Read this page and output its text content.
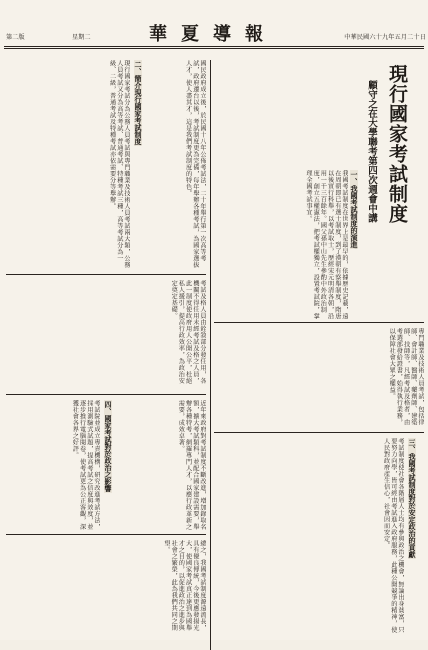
第二版	星期二	華夏導報	中華民國六十九年五月二十日
現行國家考試制度
顧守之在大學聯考第四次週會中講
一、我國考試制度的演進
我國考試制度在世界上是最早的，依據歷史記載，遠在周朝即已有選士制度，到了漢朝有察舉制度，隋唐以後實行科舉，以考試取士，歷經宋元明清各朝，沿用一千三百餘年。國父孫中山先生參酌中外政治制度，創立五權憲法，把考試權獨立，設置考試院，掌理全國考試事宜。
國民政府成立後，於民國十八年公佈考試法，二十年舉行第一次高等考試，政府遷台以後，考試制度更為完備，每年舉辦各種考試，為國家選拔人才，使人盡其才，這是我們考試制度的特色。
二、簡介現行國家考試制度
現行國家考試分為公務人員考試與專門職業及技術人員考試兩大類，公務人員考試又分為高等考試、普通考試、特種考試三種，高等考試分為一級、二級，普通考試及特種考試亦依需要分等舉辦。
專門職業及技術人員考試，包括律師、會計師、醫師、藥劑師、建築師、技師等，凡經考試及格者，由考選部發給證書，始得執行業務，以保障社會大眾之權益。
考試及格人員由銓敘部分發任用，各機關不得任用未經考試及格之人員，此一制度使政府用人公開公平，杜絕私人援引，提高行政效率，為政治安定奠定基礎。
三、我國考試制度對於安定政治的貢獻
考試制度使社會各階層人士均有參與政治之機會，無論出身貧富，只要努力向學，皆可經由考試進入政府服務，此種公開競爭的精神，使人民對政府產生信心，社會因而安定。
近年來政府對考試制度不斷改進，增加錄取名額，擴大考試類科，並配合國家建設需要，舉辦各種特考，網羅專門人才，以應行政革新之需要，成效卓著。
四、國家考試對於政治之影響
考試院並成立專責機構，研究改進考試方法，採用測驗式試題，提高考試之信度與效度，並逐步推行電腦閱卷，使考試更為公正客觀，深獲社會各界之好評。
總之，我國考試制度源遠流長，具有優良傳統，今後更應發揚光大，使國家考試真正達到為國舉才之目的，以促進政治之進步與社會之繁榮，此為我們共同之期望。
